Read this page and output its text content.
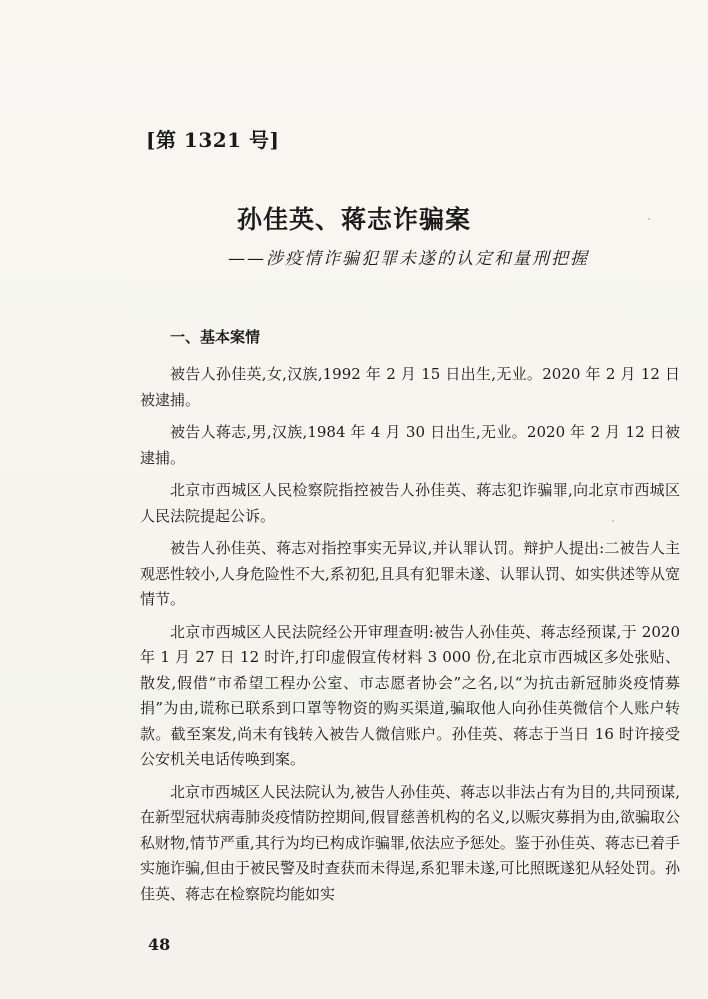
[第 1321 号]
孙佳英、蒋志诈骗案
——涉疫情诈骗犯罪未遂的认定和量刑把握
一、基本案情

被告人孙佳英,女,汉族,1992 年 2 月 15 日出生,无业。2020 年 2 月 12 日被逮捕。

被告人蒋志,男,汉族,1984 年 4 月 30 日出生,无业。2020 年 2 月 12 日被逮捕。

北京市西城区人民检察院指控被告人孙佳英、蒋志犯诈骗罪,向北京市西城区人民法院提起公诉。

被告人孙佳英、蒋志对指控事实无异议,并认罪认罚。辩护人提出:二被告人主观恶性较小,人身危险性不大,系初犯,且具有犯罪未遂、认罪认罚、如实供述等从宽情节。

北京市西城区人民法院经公开审理查明:被告人孙佳英、蒋志经预谋,于 2020 年 1 月 27 日 12 时许,打印虚假宣传材料 3 000 份,在北京市西城区多处张贴、散发,假借“市希望工程办公室、市志愿者协会”之名,以“为抗击新冠肺炎疫情募捐”为由,谎称已联系到口罩等物资的购买渠道,骗取他人向孙佳英微信个人账户转款。截至案发,尚未有钱转入被告人微信账户。孙佳英、蒋志于当日 16 时许接受公安机关电话传唤到案。

北京市西城区人民法院认为,被告人孙佳英、蒋志以非法占有为目的,共同预谋,在新型冠状病毒肺炎疫情防控期间,假冒慈善机构的名义,以赈灾募捐为由,欲骗取公私财物,情节严重,其行为均已构成诈骗罪,依法应予惩处。鉴于孙佳英、蒋志已着手实施诈骗,但由于被民警及时查获而未得逞,系犯罪未遂,可比照既遂犯从轻处罚。孙佳英、蒋志在检察院均能如实

48
